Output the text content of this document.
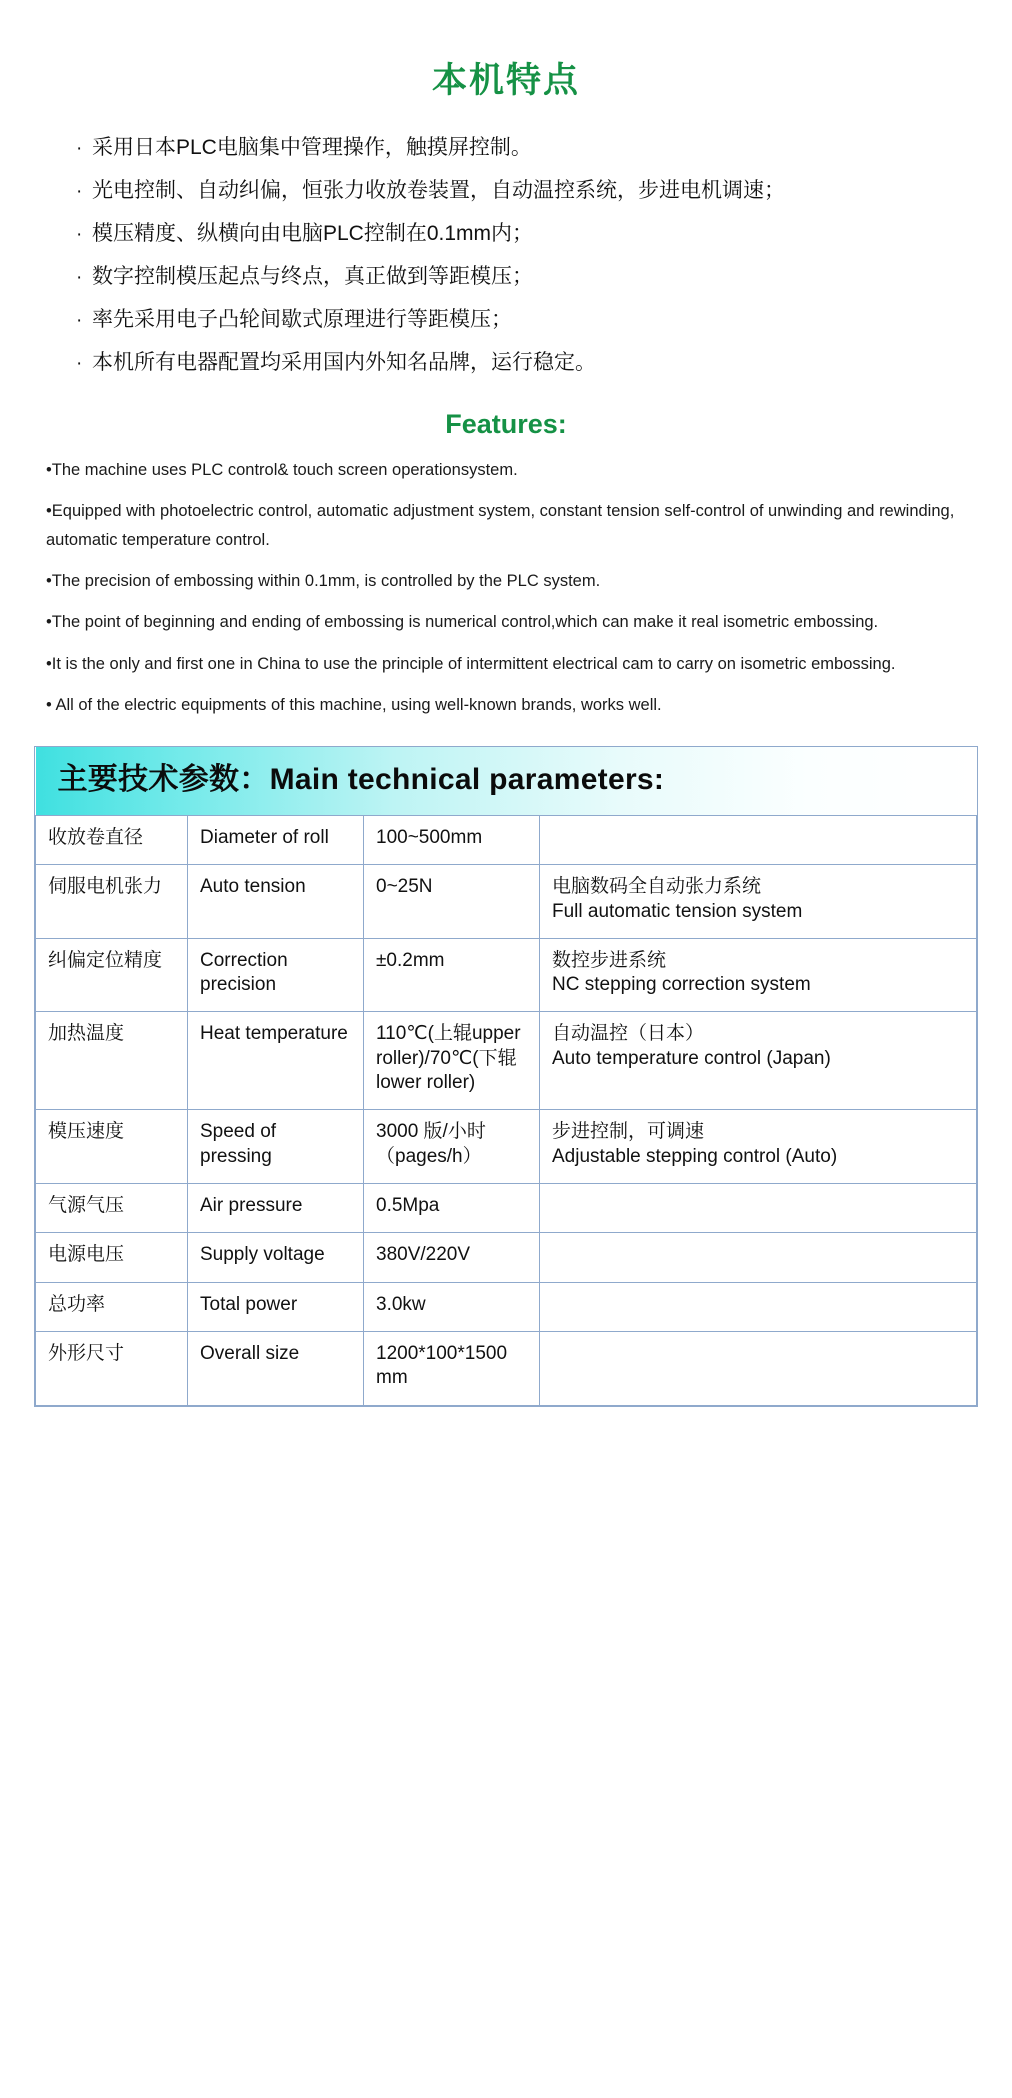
本机特点
· 采用日本PLC电脑集中管理操作，触摸屏控制。
· 光电控制、自动纠偏，恒张力收放卷装置，自动温控系统，步进电机调速；
· 模压精度、纵横向由电脑PLC控制在0.1mm内；
· 数字控制模压起点与终点，真正做到等距模压；
· 率先采用电子凸轮间歇式原理进行等距模压；
· 本机所有电器配置均采用国内外知名品牌，运行稳定。
Features:

•The machine uses PLC control& touch screen operationsystem.

•Equipped with photoelectric control, automatic adjustment system, constant tension self-control of unwinding and rewinding, automatic temperature control.

•The precision of embossing within 0.1mm, is controlled by the PLC system.

•The point of beginning and ending of embossing is numerical control,which can make it real isometric embossing.

•It is the only and first one in China to use the principle of intermittent electrical cam to carry on isometric embossing.

• All of the electric equipments of this machine, using well-known brands, works well.

主要技术参数：Main technical parameters:			

收放卷直径	Diameter of roll	100~500mm	
伺服电机张力	Auto tension	0~25N	电脑数码全自动张力系统
Full automatic tension system

纠偏定位精度	Correction precision	±0.2mm	数控步进系统
NC stepping correction system

加热温度	Heat temperature	110℃(上辊upper roller)/70℃(下辊lower roller)	自动温控（日本）
Auto temperature control (Japan)

模压速度	Speed of pressing	3000 版/小时（pages/h）	步进控制，可调速
Adjustable stepping control (Auto)

气源气压	Air pressure	0.5Mpa	
电源电压	Supply voltage	380V/220V	
总功率	Total power	3.0kw	
外形尺寸	Overall size	1200*100*1500 mm	
